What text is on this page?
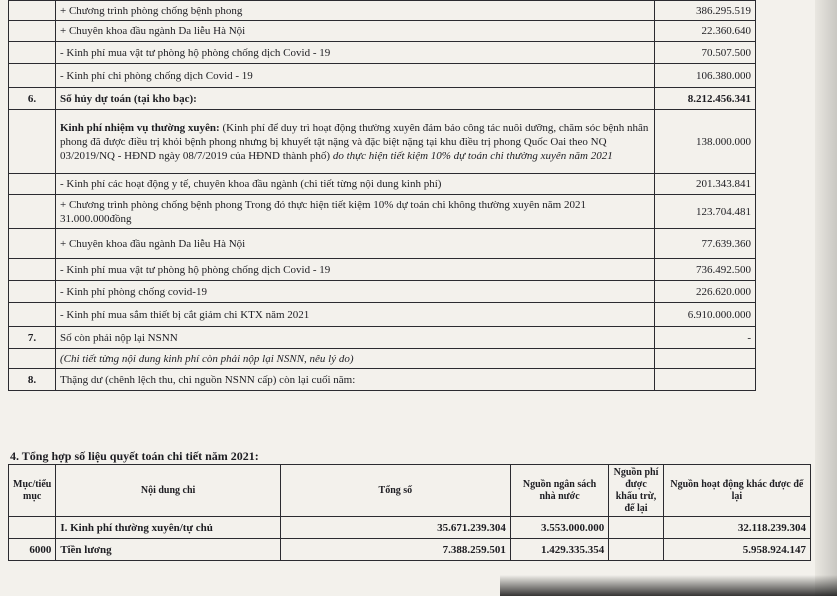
	+ Chương trình phòng chống bệnh phong	386.295.519
	+ Chuyên khoa đầu ngành Da liễu Hà Nội	22.360.640
	- Kinh phí mua vật tư phòng hộ phòng chống dịch Covid - 19	70.507.500
	- Kinh phí chi phòng chống dịch Covid - 19	106.380.000
6.	Số hủy dự toán (tại kho bạc):	8.212.456.341
	Kinh phí nhiệm vụ thường xuyên: (Kinh phí để duy trì hoạt động thường xuyên đảm bảo công tác nuôi dưỡng, chăm sóc bệnh nhân phong đã được điều trị khỏi bệnh phong nhưng bị khuyết tật nặng và đặc biệt nặng tại khu điều trị phong Quốc Oai theo NQ 03/2019/NQ - HĐND ngày 08/7/2019 của HĐND thành phố) do thực hiện tiết kiệm 10% dự toán chi thường xuyên năm 2021	138.000.000
	- Kinh phí các hoạt động y tế, chuyên khoa đầu ngành (chi tiết từng nội dung kinh phí)	201.343.841
	+ Chương trình phòng chống bệnh phong Trong đó thực hiện tiết kiệm 10% dự toán chi không thường xuyên năm 2021 31.000.000đồng	123.704.481
	+ Chuyên khoa đầu ngành Da liễu Hà Nội	77.639.360
	- Kinh phí mua vật tư phòng hộ phòng chống dịch Covid - 19	736.492.500
	- Kinh phí phòng chống covid-19	226.620.000
	- Kinh phí mua sắm thiết bị cắt giảm chi KTX năm 2021	6.910.000.000
7.	Số còn phải nộp lại NSNN	-
	(Chi tiết từng nội dung kinh phí còn phải nộp lại NSNN, nêu lý do)	
8.	Thặng dư (chênh lệch thu, chi nguồn NSNN cấp) còn lại cuối năm:	
4. Tổng hợp số liệu quyết toán chi tiết năm 2021:
Mục/tiểu mục	Nội dung chi	Tổng số	Nguồn ngân sách nhà nước	Nguồn phí được khấu trừ, để lại	Nguồn hoạt động khác được để lại
	I. Kinh phí thường xuyên/tự chủ	35.671.239.304	3.553.000.000		32.118.239.304
6000	Tiền lương	7.388.259.501	1.429.335.354		5.958.924.147
